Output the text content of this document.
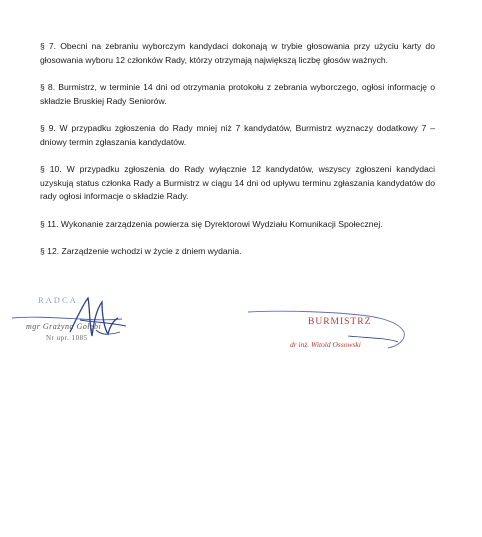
§ 7. Obecni na zebraniu wyborczym kandydaci dokonają w trybie głosowania przy użyciu karty do głosowania wyboru 12 członków Rady, którzy otrzymają największą liczbę głosów ważnych.

§ 8. Burmistrz, w terminie 14 dni od otrzymania protokołu z zebrania wyborczego, ogłosi informację o składzie Bruskiej Rady Seniorów.

§ 9. W przypadku zgłoszenia do Rady mniej niż 7 kandydatów, Burmistrz wyznaczy dodatkowy 7 – dniowy termin zgłaszania kandydatów.

§ 10. W przypadku zgłoszenia do Rady wyłącznie 12 kandydatów, wszyscy zgłoszeni kandydaci uzyskują status członka Rady a Burmistrz w ciągu 14 dni od upływu terminu zgłaszania kandydatów do rady ogłosi informacje o składzie Rady.

§ 11. Wykonanie zarządzenia powierza się Dyrektorowi Wydziału Komunikacji Społecznej.

§ 12. Zarządzenie wchodzi w życie z dniem wydania.

RADCA
mgr Grażyna Gołębi
Nr upr. 1085
BURMISTRZ
dr inż. Witold Ossowski
